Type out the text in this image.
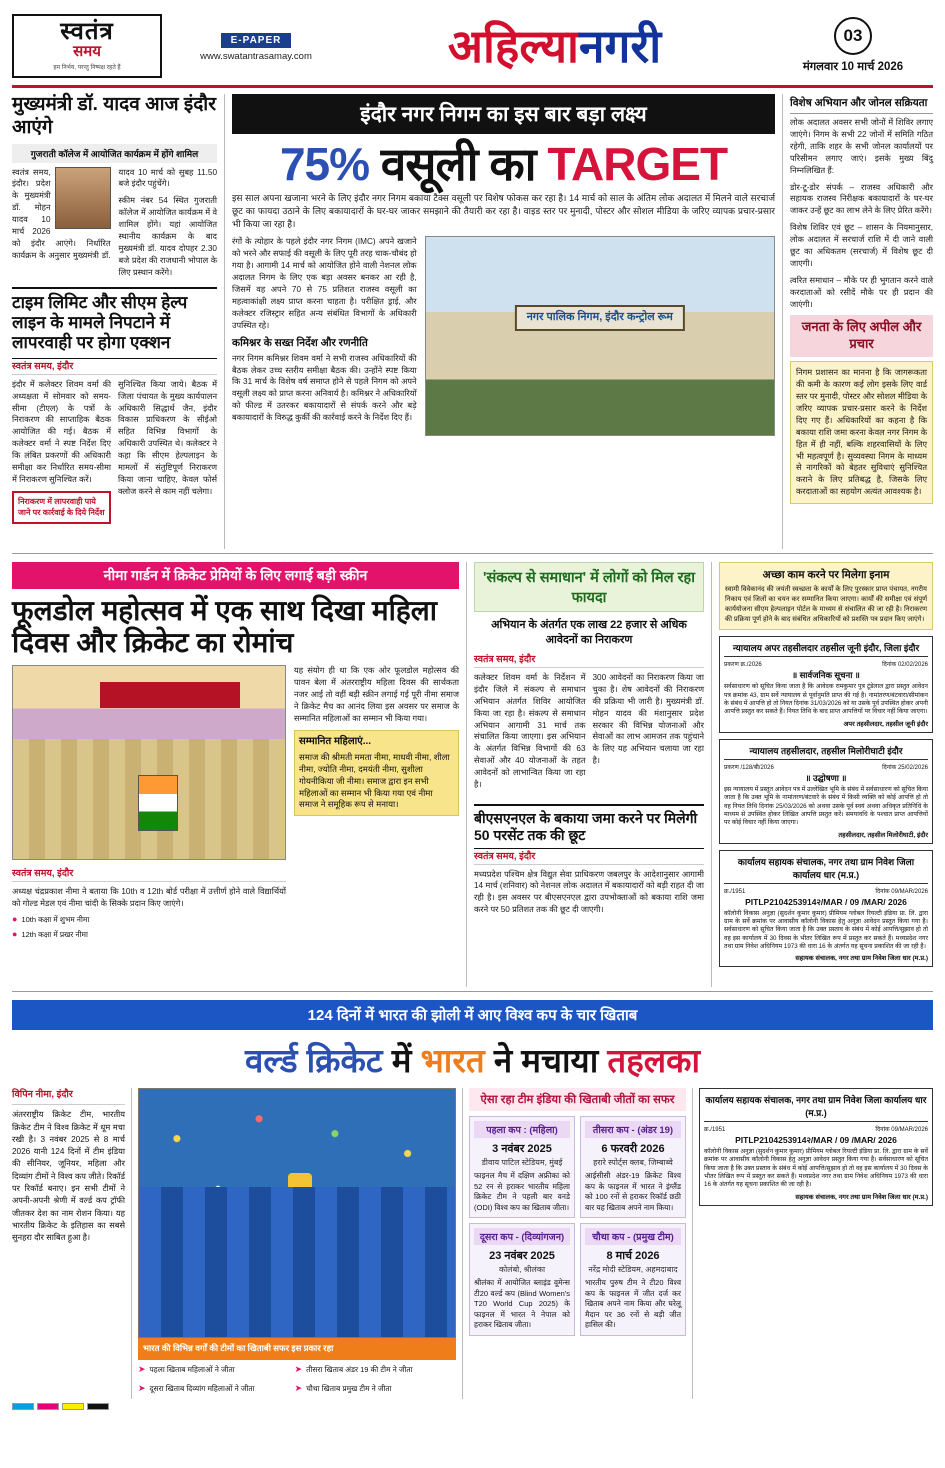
स्वतंत्र
समय
हम निर्भय, परन्तु निष्पक्ष रहते हैं
E-PAPER
www.swatantrasamay.com	अहिल्यानगरी	03
मंगलवार 10 मार्च 2026
मुख्यमंत्री डॉ. यादव आज इंदौर आएंगे
गुजराती कॉलेज में आयोजित कार्यक्रम में होंगे शामिल

स्वतंत्र समय, इंदौर। प्रदेश के मुख्यमंत्री डॉ. मोहन यादव 10 मार्च 2026 को इंदौर आएंगे। निर्धारित कार्यक्रम के अनुसार मुख्यमंत्री डॉ. यादव 10 मार्च को सुबह 11.50 बजे इंदौर पहुंचेंगे।

स्कीम नंबर 54 स्थित गुजराती कॉलेज में आयोजित कार्यक्रम में वे शामिल होंगे। यहां आयोजित स्थानीय कार्यक्रम के बाद मुख्यमंत्री डॉ. यादव दोपहर 2.30 बजे प्रदेश की राजधानी भोपाल के लिए प्रस्थान करेंगे।

टाइम लिमिट और सीएम हेल्प लाइन के मामले निपटाने में लापरवाही पर होगा एक्शन
स्वतंत्र समय, इंदौर

इंदौर में कलेक्टर शिवम वर्मा की अध्यक्षता में सोमवार को समय-सीमा (टीएल) के पत्रों के निराकरण की साप्ताहिक बैठक आयोजित की गई। बैठक में कलेक्टर वर्मा ने स्पष्ट निर्देश दिए कि लंबित प्रकरणों की अधिकारी समीक्षा कर निर्धारित समय-सीमा में निराकरण सुनिश्चित करें।

निराकरण में लापरवाही पाये जाने पर कार्रवाई के दिये निर्देश

सुनिश्चित किया जाये। बैठक में जिला पंचायत के मुख्य कार्यपालन अधिकारी सिद्धार्थ जैन, इंदौर विकास प्राधिकरण के सीईओ सहित विभिन्न विभागों के अधिकारी उपस्थित थे। कलेक्टर ने कहा कि सीएम हेल्पलाइन के मामलों में संतुष्टिपूर्ण निराकरण किया जाना चाहिए, केवल फोर्स क्लोज करने से काम नहीं चलेगा।

इंदौर नगर निगम का इस बार बड़ा लक्ष्य
75% वसूली का TARGET

इस साल अपना खजाना भरने के लिए इंदौर नगर निगम बकाया टैक्स वसूली पर विशेष फोकस कर रहा है। 14 मार्च को साल के अंतिम लोक अदालत में मिलने वाले सरचार्ज छूट का फायदा उठाने के लिए बकायादारों के घर-घर जाकर समझाने की तैयारी कर रहा है। वाइड स्तर पर मुनादी, पोस्टर और सोशल मीडिया के जरिए व्यापक प्रचार-प्रसार भी किया जा रहा है।

रंगों के त्योहार के पहले इंदौर नगर निगम (IMC) अपने खजाने को भरने और सफाई की वसूली के लिए पूरी तरह चाक-चौबंद हो गया है। आगामी 14 मार्च को आयोजित होने वाली नेशनल लोक अदालत निगम के लिए एक बड़ा अवसर बनकर आ रही है, जिसमें वह अपने 70 से 75 प्रतिशत राजस्व वसूली का महत्वाकांक्षी लक्ष्य प्राप्त करना चाहता है। परीक्षित ड्राई, और कलेक्टर रजिस्ट्रार सहित अन्य संबंधित विभागों के अधिकारी उपस्थित रहे।

कमिश्नर के सख्त निर्देश और रणनीति

नगर निगम कमिश्नर शिवम वर्मा ने सभी राजस्व अधिकारियों की बैठक लेकर उच्च स्तरीय समीक्षा बैठक की। उन्होंने स्पष्ट किया कि 31 मार्च के विशेष वर्ष समाप्त होने से पहले निगम को अपने वसूली लक्ष्य को प्राप्त करना अनिवार्य है। कमिश्नर ने अधिकारियों को फील्ड में उतरकर बकायादारों से संपर्क करने और बड़े बकायादारों के विरुद्ध कुर्की की कार्रवाई करने के निर्देश दिए हैं।

नगर पालिक निगम, इंदौर कन्ट्रोल रूम
विशेष अभियान और जोनल सक्रियता

लोक अदालत अवसर सभी जोनों में शिविर लगाए जाएंगे। निगम के सभी 22 जोनों में समिति गठित रहेगी, ताकि शहर के सभी जोनल कार्यालयों पर परिसीमन लगाए जाएं। इसके मुख्य बिंदु निम्नलिखित हैं:

डोर-टू-डोर संपर्क – राजस्व अधिकारी और सहायक राजस्व निरीक्षक बकायादारों के घर-घर जाकर उन्हें छूट का लाभ लेने के लिए प्रेरित करेंगे।

विशेष शिविर एवं छूट – शासन के नियमानुसार, लोक अदालत में सरचार्ज राशि में दी जाने वाली छूट का अधिकतम (सरचार्ज) में विशेष छूट दी जाएगी।

त्वरित समाधान – मौके पर ही भुगतान करने वाले करदाताओं को रसीदें मौके पर ही प्रदान की जाएंगी।

जनता के लिए अपील और प्रचार

निगम प्रशासन का मानना है कि जागरूकता की कमी के कारण कई लोग इसके लिए वार्ड स्तर पर मुनादी, पोस्टर और सोशल मीडिया के जरिए व्यापक प्रचार-प्रसार करने के निर्देश दिए गए हैं। अधिकारियों का कहना है कि बकाया राशि जमा करना केवल नगर निगम के हित में ही नहीं, बल्कि शहरवासियों के लिए भी महत्वपूर्ण है। सुव्यवस्था निगम के माध्यम से नागरिकों को बेहतर सुविधाएं सुनिश्चित कराने के लिए प्रतिबद्ध है, जिसके लिए करदाताओं का सहयोग अत्यंत आवश्यक है।

नीमा गार्डन में क्रिकेट प्रेमियों के लिए लगाई बड़ी स्क्रीन
फूलडोल महोत्सव में एक साथ दिखा महिला दिवस और क्रिकेट का रोमांच
स्वतंत्र समय, इंदौर

अध्यक्ष चंद्रप्रकाश नीमा ने बताया कि 10th व 12th बोर्ड परीक्षा में उत्तीर्ण होने वाले विद्यार्थियों को गोल्ड मेडल एवं नीमा चांदी के सिक्के प्रदान किए जाएंगे।

● 10th कक्षा में शुभम नीमा
● 12th कक्षा में प्रखर नीमा

यह संयोग ही था कि एक ओर फूलडोल महोत्सव की पावन बेला में अंतरराष्ट्रीय महिला दिवस की सार्थकता नजर आई तो वहीं बड़ी स्क्रीन लगाई गई पूरी नीमा समाज ने क्रिकेट मैच का आनंद लिया इस अवसर पर समाज के सम्मानित महिलाओं का सम्मान भी किया गया।

सम्मानित महिलाएं...
समाज की श्रीमती ममता नीमा, माधवी नीमा, शीला नीमा, ज्योति नीमा, दमयंती नीमा, सुशीला गोयनीकिया जी नीमा। समाज द्वारा इन सभी महिलाओं का सम्मान भी किया गया एवं नीमा समाज ने समूहिक रूप से मनाया।
'संकल्प से समाधान' में लोगों को मिल रहा फायदा
अभियान के अंतर्गत एक लाख 22 हजार से अधिक आवेदनों का निराकरण
स्वतंत्र समय, इंदौर

कलेक्टर शिवम वर्मा के निर्देशन में इंदौर जिले में संकल्प से समाधान अभियान अंतर्गत शिविर आयोजित किया जा रहा है। संकल्प से समाधान अभियान आगामी 31 मार्च तक संचालित किया जाएगा। इस अभियान के अंतर्गत विभिन्न विभागों की 63 सेवाओं और 40 योजनाओं के तहत आवेदनों को लाभान्वित किया जा रहा है।

300 आवेदनों का निराकरण किया जा चुका है। शेष आवेदनों की निराकरण की प्रक्रिया भी जारी है। मुख्यमंत्री डॉ. मोहन यादव की मंशानुसार प्रदेश सरकार की विभिन्न योजनाओं और सेवाओं का लाभ आमजन तक पहुंचाने के लिए यह अभियान चलाया जा रहा है।

बीएसएनएल के बकाया जमा करने पर मिलेगी 50 परसेंट तक की छूट
स्वतंत्र समय, इंदौर

मध्यप्रदेश पश्चिम क्षेत्र विद्युत सेवा प्राधिकरण जबलपुर के आदेशानुसार आगामी 14 मार्च (शनिवार) को नेशनल लोक अदालत में बकायादारों को बड़ी राहत दी जा रही है। इस अवसर पर बीएसएनएल द्वारा उपभोक्ताओं को बकाया राशि जमा करने पर 50 प्रतिशत तक की छूट दी जाएगी।

अच्छा काम करने पर मिलेगा इनाम
स्वामी विवेकानंद की जयंती स्वच्छता के कार्यों के लिए पुरस्कार प्राप्त पंचायत, नगरीय निकाय एवं जिलों का चयन कर सम्मानित किया जाएगा। कार्यों की समीक्षा एवं संपूर्ण कार्ययोजना सीएम हेल्पलाइन पोर्टल के माध्यम से संचालित की जा रही है। निराकरण की प्रक्रिया पूर्ण होने के बाद संबंधित अधिकारियों को प्रशस्ति पत्र प्रदान किए जाएंगे।
न्यायालय अपर तहसीलदार तहसील जूनी इंदौर, जिला इंदौर
प्रकरण क्र./2026	दिनांक 02/02/2026
॥ सार्वजनिक सूचना ॥
सर्वसाधारण को सूचित किया जाता है कि आवेदक रामकुमार पुत्र टूंडेलाल द्वारा प्रस्तुत आवेदन पत्र क्रमांक 43, ग्राम सर्वे न्यायालय से पूर्वानुमति प्राप्त की गई है। नामांतरण/बंटवारा/सीमांकन के संबंध में आपत्ति हो तो नियत दिनांक 31/03/2026 को या उसके पूर्व उपस्थित होकर अपनी आपत्ति प्रस्तुत कर सकते हैं। नियत तिथि के बाद प्राप्त आपत्तियों पर विचार नहीं किया जाएगा।
अपर तहसीलदार, तहसील जूनी इंदौर
न्यायालय तहसीलदार, तहसील मिलोरीघाटी इंदौर
प्रकरण /128/बी/2026	दिनांक 25/02/2026
॥ उद्घोषणा ॥
इस न्यायालय में प्रस्तुत आवेदन पत्र में उल्लेखित भूमि के संबंध में सर्वसाधारण को सूचित किया जाता है कि उक्त भूमि के नामांतरण/बंटवारे के संबंध में किसी व्यक्ति को कोई आपत्ति हो तो वह नियत तिथि दिनांक 25/03/2026 को अथवा उसके पूर्व स्वयं अथवा अधिकृत प्रतिनिधि के माध्यम से उपस्थित होकर लिखित आपत्ति प्रस्तुत करें। समयावधि के पश्चात प्राप्त आपत्तियों पर कोई विचार नहीं किया जाएगा।
तहसीलदार, तहसील मिलोरीघाटी, इंदौर
कार्यालय सहायक संचालक, नगर तथा ग्राम निवेश जिला कार्यालय धार (म.प्र.)
क्र./1951	दिनांक 09/MAR/2026
PITLP2104253914२/MAR / 09 /MAR/ 2026
कॉलोनी विकास अनुज्ञा (सुदर्शन कुमार कुमार) प्रीमियम ग्लोबल रियल्टी इंडिया प्रा. लि. द्वारा ग्राम के सर्वे क्रमांक पर आवासीय कॉलोनी विकास हेतु अनुज्ञा आवेदन प्रस्तुत किया गया है। सर्वसाधारण को सूचित किया जाता है कि उक्त प्रस्ताव के संबंध में कोई आपत्ति/सुझाव हो तो वह इस कार्यालय में 30 दिवस के भीतर लिखित रूप में प्रस्तुत कर सकते हैं। मध्यप्रदेश नगर तथा ग्राम निवेश अधिनियम 1973 की धारा 16 के अंतर्गत यह सूचना प्रकाशित की जा रही है।
सहायक संचालक, नगर तथा ग्राम निवेश जिला धार (म.प्र.)
124 दिनों में भारत की झोली में आए विश्व कप के चार खिताब
वर्ल्ड क्रिकेट में भारत ने मचाया तहलका
विपिन नीमा, इंदौर
अंतरराष्ट्रीय क्रिकेट टीम, भारतीय क्रिकेट टीम ने विश्व क्रिकेट में धूम मचा रखी है। 3 नवंबर 2025 से 8 मार्च 2026 यानी 124 दिनों में टीम इंडिया की सीनियर, जूनियर, महिला और दिव्यांग टीमों ने विश्व कप जीते। रिकॉर्ड पर रिकॉर्ड बनाए। इन सभी टीमों ने अपनी-अपनी श्रेणी में वर्ल्ड कप ट्रॉफी जीतकर देश का नाम रोशन किया। यह भारतीय क्रिकेट के इतिहास का सबसे सुनहरा दौर साबित हुआ है।
भारत की विभिन्न वर्गों की टीमों का खिताबी सफर इस प्रकार रहा
➤ पहला खिताब महिलाओं ने जीता	➤ तीसरा खिताब अंडर 19 की टीम ने जीता
➤ दूसरा खिताब दिव्यांग महिलाओं ने जीता	➤ चौथा खिताब प्रमुख टीम ने जीता
ऐसा रहा टीम इंडिया की खिताबी जीतों का सफर
पहला कप : (महिला)
3 नवंबर 2025
डीवाय पाटिल स्टेडियम, मुंबई
फाइनल मैच में दक्षिण अफ्रीका को 52 रन से हराकर भारतीय महिला क्रिकेट टीम ने पहली बार वनडे (ODI) विश्व कप का खिताब जीता।
दूसरा कप - (दिव्यांगजन)
23 नवंबर 2025
कोलंबो, श्रीलंका
श्रीलंका में आयोजित ब्लाइंड वूमेन्स टी20 वर्ल्ड कप (Blind Women's T20 World Cup 2025) के फाइनल में भारत ने नेपाल को हराकर खिताब जीता।
तीसरा कप - (अंडर 19)
6 फरवरी 2026
हरारे स्पोर्ट्स क्लब, जिम्बाब्वे
आईसीसी अंडर-19 क्रिकेट विश्व कप के फाइनल में भारत ने इंग्लैंड को 100 रनों से हराकर रिकॉर्ड छठी बार यह खिताब अपने नाम किया।
चौथा कप - (प्रमुख टीम)
8 मार्च 2026
नरेंद्र मोदी स्टेडियम, अहमदाबाद
भारतीय पुरुष टीम ने टी20 विश्व कप के फाइनल में जीत दर्ज कर खिताब अपने नाम किया और घरेलू मैदान पर 36 रनों से बड़ी जीत हासिल की।
कार्यालय सहायक संचालक, नगर तथा ग्राम निवेश जिला कार्यालय धार (म.प्र.)
क्र./1951	दिनांक 09/MAR/2026
PITLP2104253914२/MAR / 09 /MAR/ 2026
कॉलोनी विकास अनुज्ञा (सुदर्शन कुमार कुमार) प्रीमियम ग्लोबल रियल्टी इंडिया प्रा. लि. द्वारा ग्राम के सर्वे क्रमांक पर आवासीय कॉलोनी विकास हेतु अनुज्ञा आवेदन प्रस्तुत किया गया है। सर्वसाधारण को सूचित किया जाता है कि उक्त प्रस्ताव के संबंध में कोई आपत्ति/सुझाव हो तो वह इस कार्यालय में 30 दिवस के भीतर लिखित रूप में प्रस्तुत कर सकते हैं। मध्यप्रदेश नगर तथा ग्राम निवेश अधिनियम 1973 की धारा 16 के अंतर्गत यह सूचना प्रकाशित की जा रही है।
सहायक संचालक, नगर तथा ग्राम निवेश जिला धार (म.प्र.)
